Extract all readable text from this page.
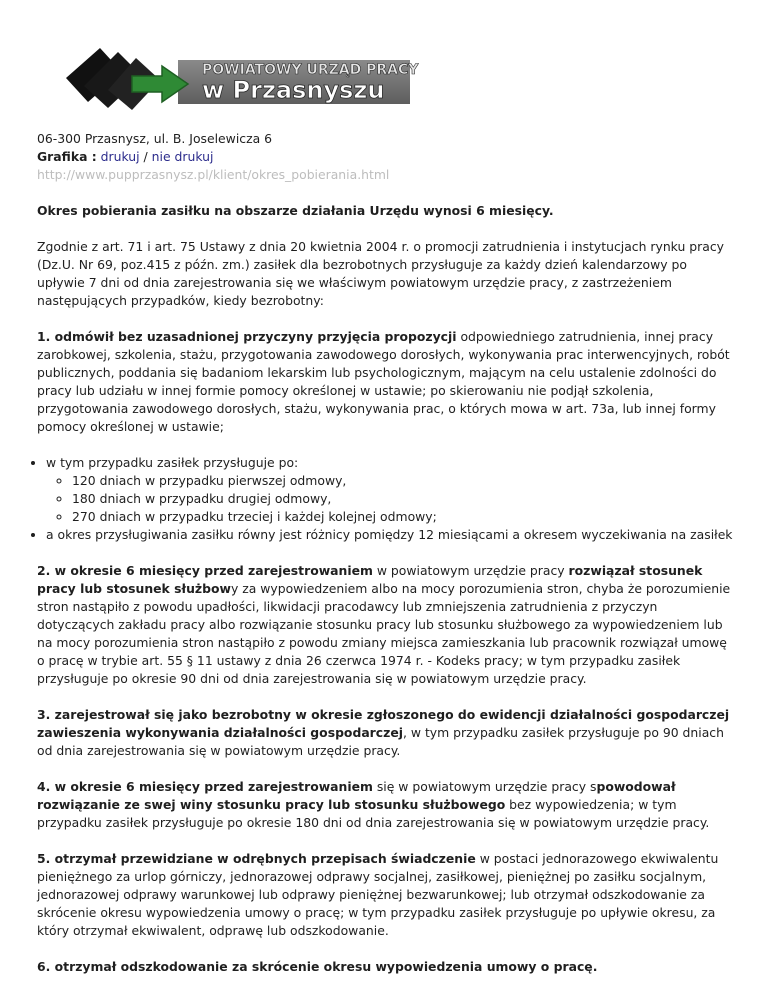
POWIATOWY URZĄD PRACY
w Przasnyszu

06-300 Przasnysz, ul. B. Joselewicza 6

Grafika : drukuj / nie drukuj

http://www.pupprzasnysz.pl/klient/okres_pobierania.html

Okres pobierania zasiłku na obszarze działania Urzędu wynosi 6 miesięcy.

Zgodnie z art. 71 i art. 75 Ustawy z dnia 20 kwietnia 2004 r. o promocji zatrudnienia i instytucjach rynku pracy (Dz.U. Nr 69, poz.415 z późn. zm.) zasiłek dla bezrobotnych przysługuje za każdy dzień kalendarzowy po upływie 7 dni od dnia zarejestrowania się we właściwym powiatowym urzędzie pracy, z zastrzeżeniem następujących przypadków, kiedy bezrobotny:

1. odmówił bez uzasadnionej przyczyny przyjęcia propozycji odpowiedniego zatrudnienia, innej pracy zarobkowej, szkolenia, stażu, przygotowania zawodowego dorosłych, wykonywania prac interwencyjnych, robót publicznych, poddania się badaniom lekarskim lub psychologicznym, mającym na celu ustalenie zdolności do pracy lub udziału w innej formie pomocy określonej w ustawie; po skierowaniu nie podjął szkolenia, przygotowania zawodowego dorosłych, stażu, wykonywania prac, o których mowa w art. 73a, lub innej formy pomocy określonej w ustawie;

• w tym przypadku zasiłek przysługuje po:
◦ 120 dniach w przypadku pierwszej odmowy,
◦ 180 dniach w przypadku drugiej odmowy,
◦ 270 dniach w przypadku trzeciej i każdej kolejnej odmowy;
• a okres przysługiwania zasiłku równy jest różnicy pomiędzy 12 miesiącami a okresem wyczekiwania na zasiłek

2. w okresie 6 miesięcy przed zarejestrowaniem w powiatowym urzędzie pracy rozwiązał stosunek pracy lub stosunek służbowy za wypowiedzeniem albo na mocy porozumienia stron, chyba że porozumienie stron nastąpiło z powodu upadłości, likwidacji pracodawcy lub zmniejszenia zatrudnienia z przyczyn dotyczących zakładu pracy albo rozwiązanie stosunku pracy lub stosunku służbowego za wypowiedzeniem lub na mocy porozumienia stron nastąpiło z powodu zmiany miejsca zamieszkania lub pracownik rozwiązał umowę o pracę w trybie art. 55 § 11 ustawy z dnia 26 czerwca 1974 r. - Kodeks pracy; w tym przypadku zasiłek przysługuje po okresie 90 dni od dnia zarejestrowania się w powiatowym urzędzie pracy.

3. zarejestrował się jako bezrobotny w okresie zgłoszonego do ewidencji działalności gospodarczej zawieszenia wykonywania działalności gospodarczej, w tym przypadku zasiłek przysługuje po 90 dniach od dnia zarejestrowania się w powiatowym urzędzie pracy.

4. w okresie 6 miesięcy przed zarejestrowaniem się w powiatowym urzędzie pracy spowodował rozwiązanie ze swej winy stosunku pracy lub stosunku służbowego bez wypowiedzenia; w tym przypadku zasiłek przysługuje po okresie 180 dni od dnia zarejestrowania się w powiatowym urzędzie pracy.

5. otrzymał przewidziane w odrębnych przepisach świadczenie w postaci jednorazowego ekwiwalentu pieniężnego za urlop górniczy, jednorazowej odprawy socjalnej, zasiłkowej, pieniężnej po zasiłku socjalnym, jednorazowej odprawy warunkowej lub odprawy pieniężnej bezwarunkowej; lub otrzymał odszkodowanie za skrócenie okresu wypowiedzenia umowy o pracę; w tym przypadku zasiłek przysługuje po upływie okresu, za który otrzymał ekwiwalent, odprawę lub odszkodowanie.

6. otrzymał odszkodowanie za skrócenie okresu wypowiedzenia umowy o pracę.
